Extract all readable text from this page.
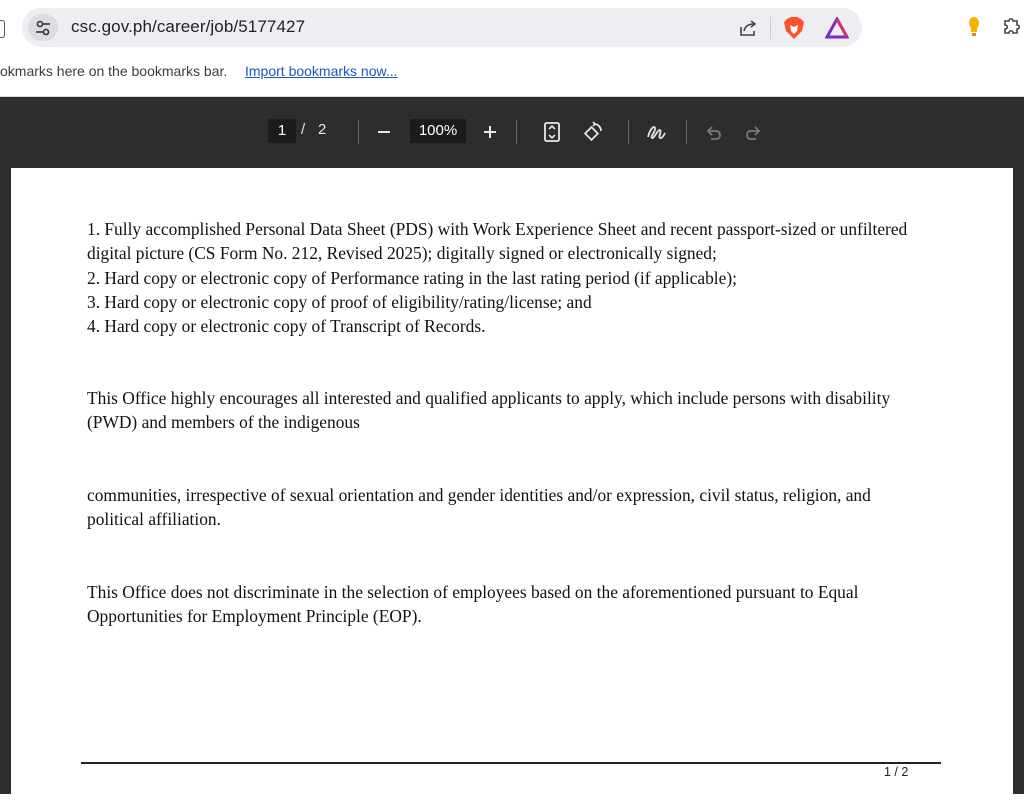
csc.gov.ph/career/job/5177427
okmarks here on the bookmarks bar. Import bookmarks now...
1 / 2	100%

1. Fully accomplished Personal Data Sheet (PDS) with Work Experience Sheet and recent passport-sized or unfiltered digital picture (CS Form No. 212, Revised 2025); digitally signed or electronically signed;

2. Hard copy or electronic copy of Performance rating in the last rating period (if applicable);

3. Hard copy or electronic copy of proof of eligibility/rating/license; and

4. Hard copy or electronic copy of Transcript of Records.

This Office highly encourages all interested and qualified applicants to apply, which include persons with disability (PWD) and members of the indigenous

communities, irrespective of sexual orientation and gender identities and/or expression, civil status, religion, and political affiliation.

This Office does not discriminate in the selection of employees based on the aforementioned pursuant to Equal Opportunities for Employment Principle (EOP).

1 / 2
